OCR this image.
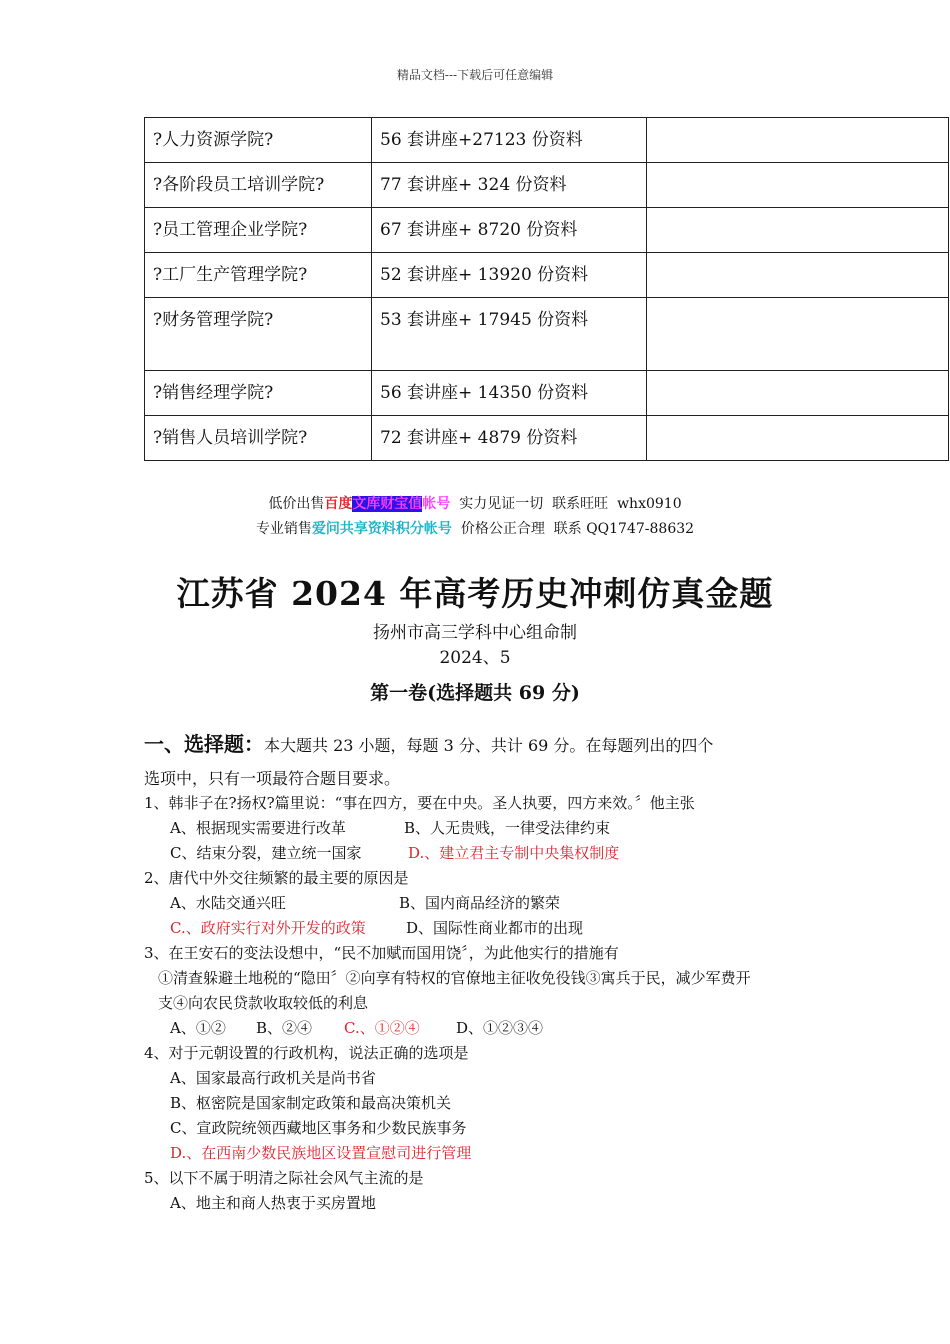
精品文档---下载后可任意编辑
?人力资源学院?	56 套讲座+27123 份资料	
?各阶段员工培训学院?	77 套讲座+ 324 份资料	
?员工管理企业学院?	67 套讲座+ 8720 份资料	
?工厂生产管理学院?	52 套讲座+ 13920 份资料	
?财务管理学院?	53 套讲座+ 17945 份资料	
?销售经理学院?	56 套讲座+ 14350 份资料	
?销售人员培训学院?	72 套讲座+ 4879 份资料	
低价出售百度文库财宝值帐号  实力见证一切  联系旺旺  whx0910
专业销售爱问共享资料积分帐号  价格公正合理  联系 QQ1747-88632
江苏省 2024 年高考历史冲刺仿真金题
扬州市高三学科中心组命制
2024、5
第一卷(选择题共 69 分)
一、选择题：本大题共 23 小题，每题 3 分、共计 69 分。在每题列出的四个
选项中，只有一项最符合题目要求。
1、韩非子在?扬权?篇里说：“事在四方，要在中央。圣人执要，四方来效。〞他主张
A、根据现实需要进行改革	B、人无贵贱，一律受法律约束
C、结束分裂，建立统一国家	D.、建立君主专制中央集权制度
2、唐代中外交往频繁的最主要的原因是
A、水陆交通兴旺	B、国内商品经济的繁荣
C.、政府实行对外开发的政策	D、国际性商业都市的出现
3、在王安石的变法设想中，“民不加赋而国用饶〞，为此他实行的措施有
①清查躲避土地税的“隐田〞②向享有特权的官僚地主征收免役钱③寓兵于民，减少军费开
支④向农民贷款收取较低的利息
A、①② B、②④ C.、①②④ D、①②③④
4、对于元朝设置的行政机构，说法正确的选项是
A、国家最高行政机关是尚书省
B、枢密院是国家制定政策和最高决策机关
C、宣政院统领西藏地区事务和少数民族事务
D.、在西南少数民族地区设置宣慰司进行管理
5、以下不属于明清之际社会风气主流的是
A、地主和商人热衷于买房置地
